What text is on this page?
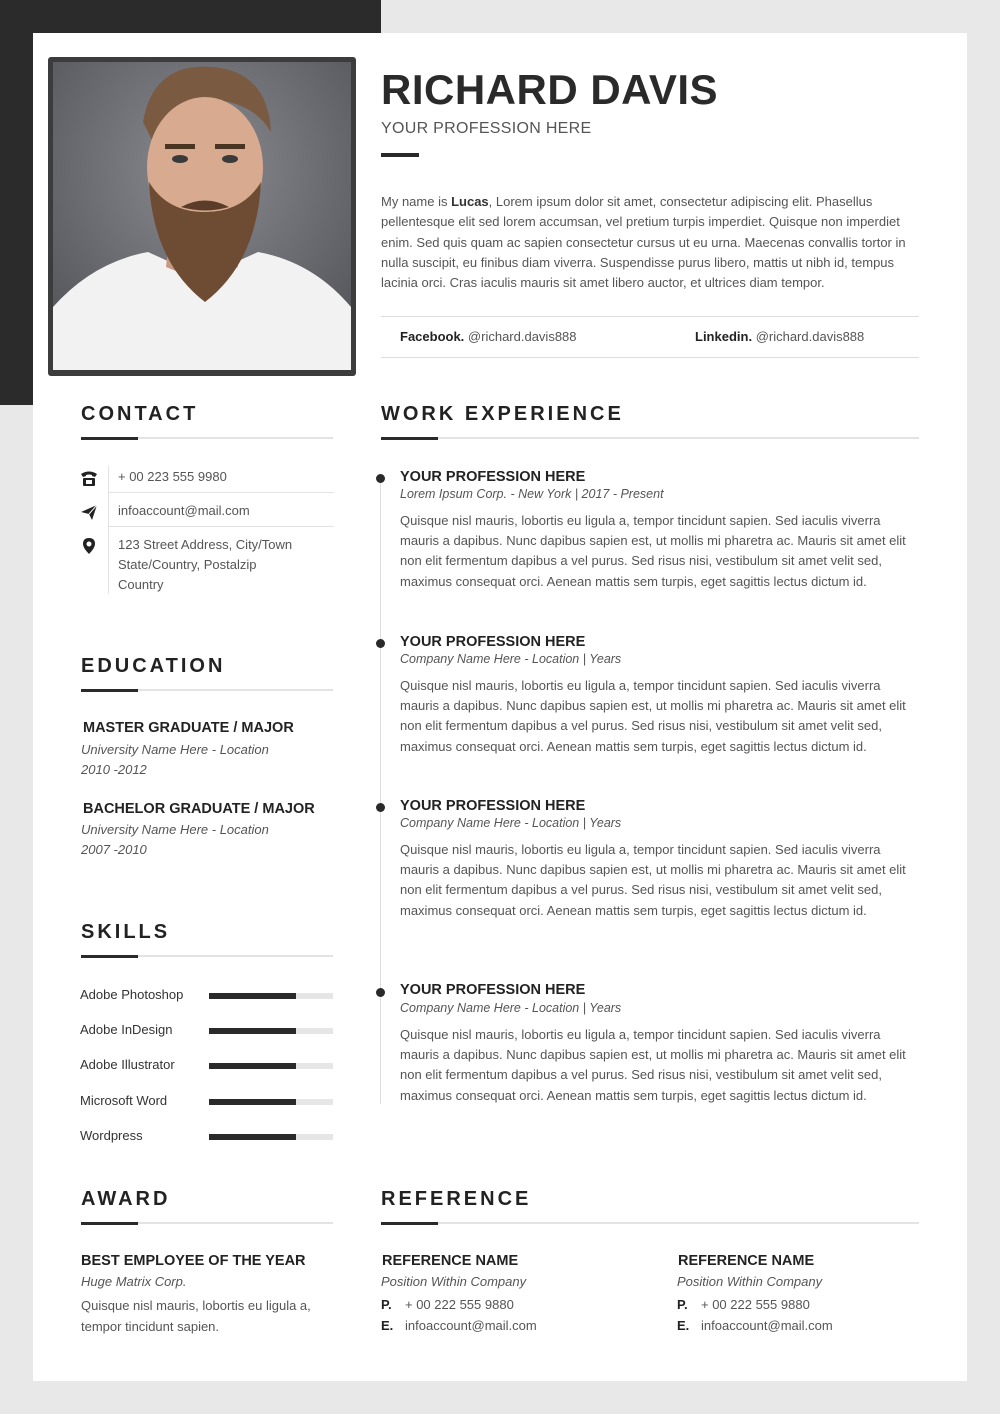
RICHARD DAVIS
YOUR PROFESSION HERE
My name is Lucas, Lorem ipsum dolor sit amet, consectetur adipiscing elit. Phasellus pellentesque elit sed lorem accumsan, vel pretium turpis imperdiet. Quisque non imperdiet enim. Sed quis quam ac sapien consectetur cursus ut eu urna. Maecenas convallis tortor in nulla suscipit, eu finibus diam viverra. Suspendisse purus libero, mattis ut nibh id, tempus lacinia orci. Cras iaculis mauris sit amet libero auctor, et ultrices diam tempor.
Facebook. @richard.davis888	Linkedin. @richard.davis888
CONTACT
+ 00 223 555 9980
infoaccount@mail.com
123 Street Address, City/Town
State/Country, Postalzip
Country
EDUCATION
MASTER GRADUATE / MAJOR
University Name Here - Location
2010 -2012
BACHELOR GRADUATE / MAJOR
University Name Here - Location
2007 -2010
SKILLS
Adobe Photoshop
Adobe InDesign
Adobe Illustrator
Microsoft Word
Wordpress
WORK EXPERIENCE
YOUR PROFESSION HERE
Lorem Ipsum Corp. - New York | 2017 - Present
Quisque nisl mauris, lobortis eu ligula a, tempor tincidunt sapien. Sed iaculis viverra mauris a dapibus. Nunc dapibus sapien est, ut mollis mi pharetra ac. Mauris sit amet elit non elit fermentum dapibus a vel purus. Sed risus nisi, vestibulum sit amet velit sed, maximus consequat orci. Aenean mattis sem turpis, eget sagittis lectus dictum id.
YOUR PROFESSION HERE
Company Name Here - Location | Years
Quisque nisl mauris, lobortis eu ligula a, tempor tincidunt sapien. Sed iaculis viverra mauris a dapibus. Nunc dapibus sapien est, ut mollis mi pharetra ac. Mauris sit amet elit non elit fermentum dapibus a vel purus. Sed risus nisi, vestibulum sit amet velit sed, maximus consequat orci. Aenean mattis sem turpis, eget sagittis lectus dictum id.
YOUR PROFESSION HERE
Company Name Here - Location | Years
Quisque nisl mauris, lobortis eu ligula a, tempor tincidunt sapien. Sed iaculis viverra mauris a dapibus. Nunc dapibus sapien est, ut mollis mi pharetra ac. Mauris sit amet elit non elit fermentum dapibus a vel purus. Sed risus nisi, vestibulum sit amet velit sed, maximus consequat orci. Aenean mattis sem turpis, eget sagittis lectus dictum id.
YOUR PROFESSION HERE
Company Name Here - Location | Years
Quisque nisl mauris, lobortis eu ligula a, tempor tincidunt sapien. Sed iaculis viverra mauris a dapibus. Nunc dapibus sapien est, ut mollis mi pharetra ac. Mauris sit amet elit non elit fermentum dapibus a vel purus. Sed risus nisi, vestibulum sit amet velit sed, maximus consequat orci. Aenean mattis sem turpis, eget sagittis lectus dictum id.
AWARD
BEST EMPLOYEE OF THE YEAR
Huge Matrix Corp.
Quisque nisl mauris, lobortis eu ligula a, tempor tincidunt sapien.
REFERENCE
REFERENCE NAME
Position Within Company
P. + 00 222 555 9880
E. infoaccount@mail.com
REFERENCE NAME
Position Within Company
P. + 00 222 555 9880
E. infoaccount@mail.com
